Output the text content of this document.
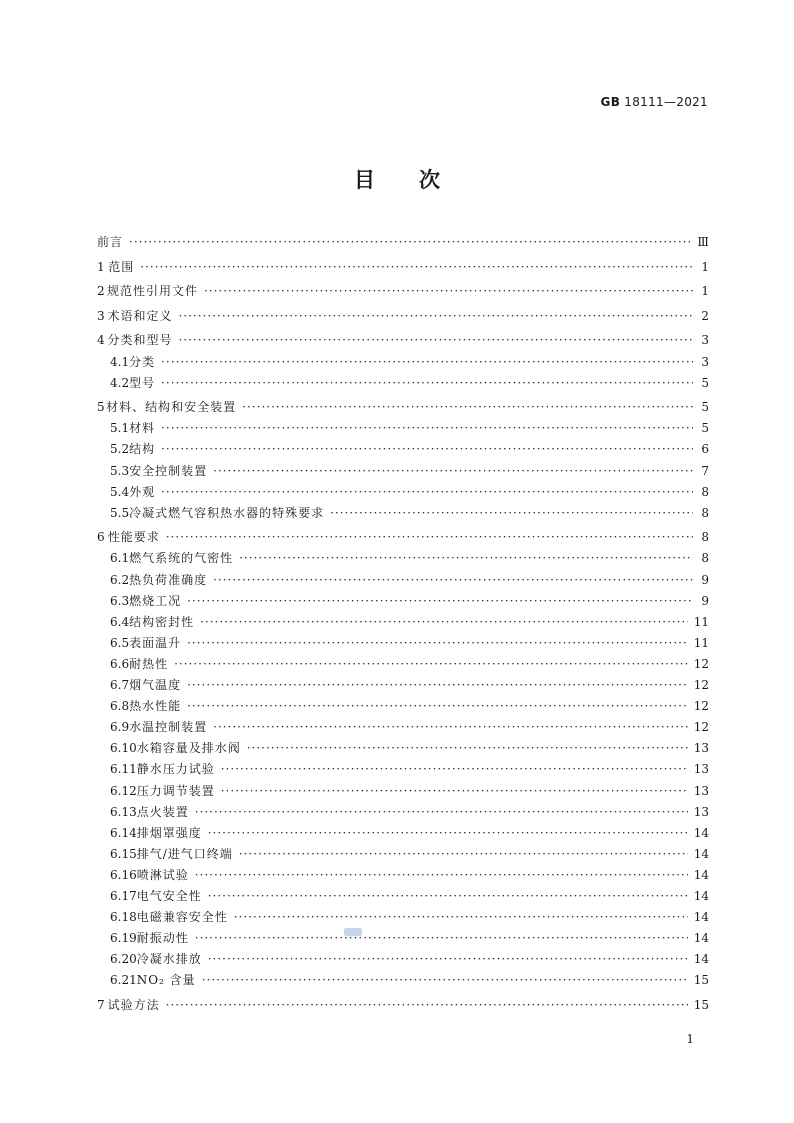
GB 18111—2021
目次
前言 ·····	Ⅲ
1 范围 ·····	1
2 规范性引用文件 ·····	1
3 术语和定义 ·····	2
4 分类和型号 ·····	3
4.1 分类 ·····	3
4.2 型号 ·····	5
5 材料、结构和安全装置 ·····	5
5.1 材料 ·····	5
5.2 结构 ·····	6
5.3 安全控制装置 ·····	7
5.4 外观 ·····	8
5.5 冷凝式燃气容积热水器的特殊要求 ·····	8
6 性能要求 ·····	8
6.1 燃气系统的气密性 ·····	8
6.2 热负荷准确度 ·····	9
6.3 燃烧工况 ·····	9
6.4 结构密封性 ·····	11
6.5 表面温升 ·····	11
6.6 耐热性 ·····	12
6.7 烟气温度 ·····	12
6.8 热水性能 ·····	12
6.9 水温控制装置 ·····	12
6.10 水箱容量及排水阀 ·····	13
6.11 静水压力试验 ·····	13
6.12 压力调节装置 ·····	13
6.13 点火装置 ·····	13
6.14 排烟罩强度 ·····	14
6.15 排气/进气口终端 ·····	14
6.16 喷淋试验 ·····	14
6.17 电气安全性 ·····	14
6.18 电磁兼容安全性 ·····	14
6.19 耐振动性 ·····	14
6.20 冷凝水排放 ·····	14
6.21 NO₂ 含量 ·····	15
7 试验方法 ·····	15
1
